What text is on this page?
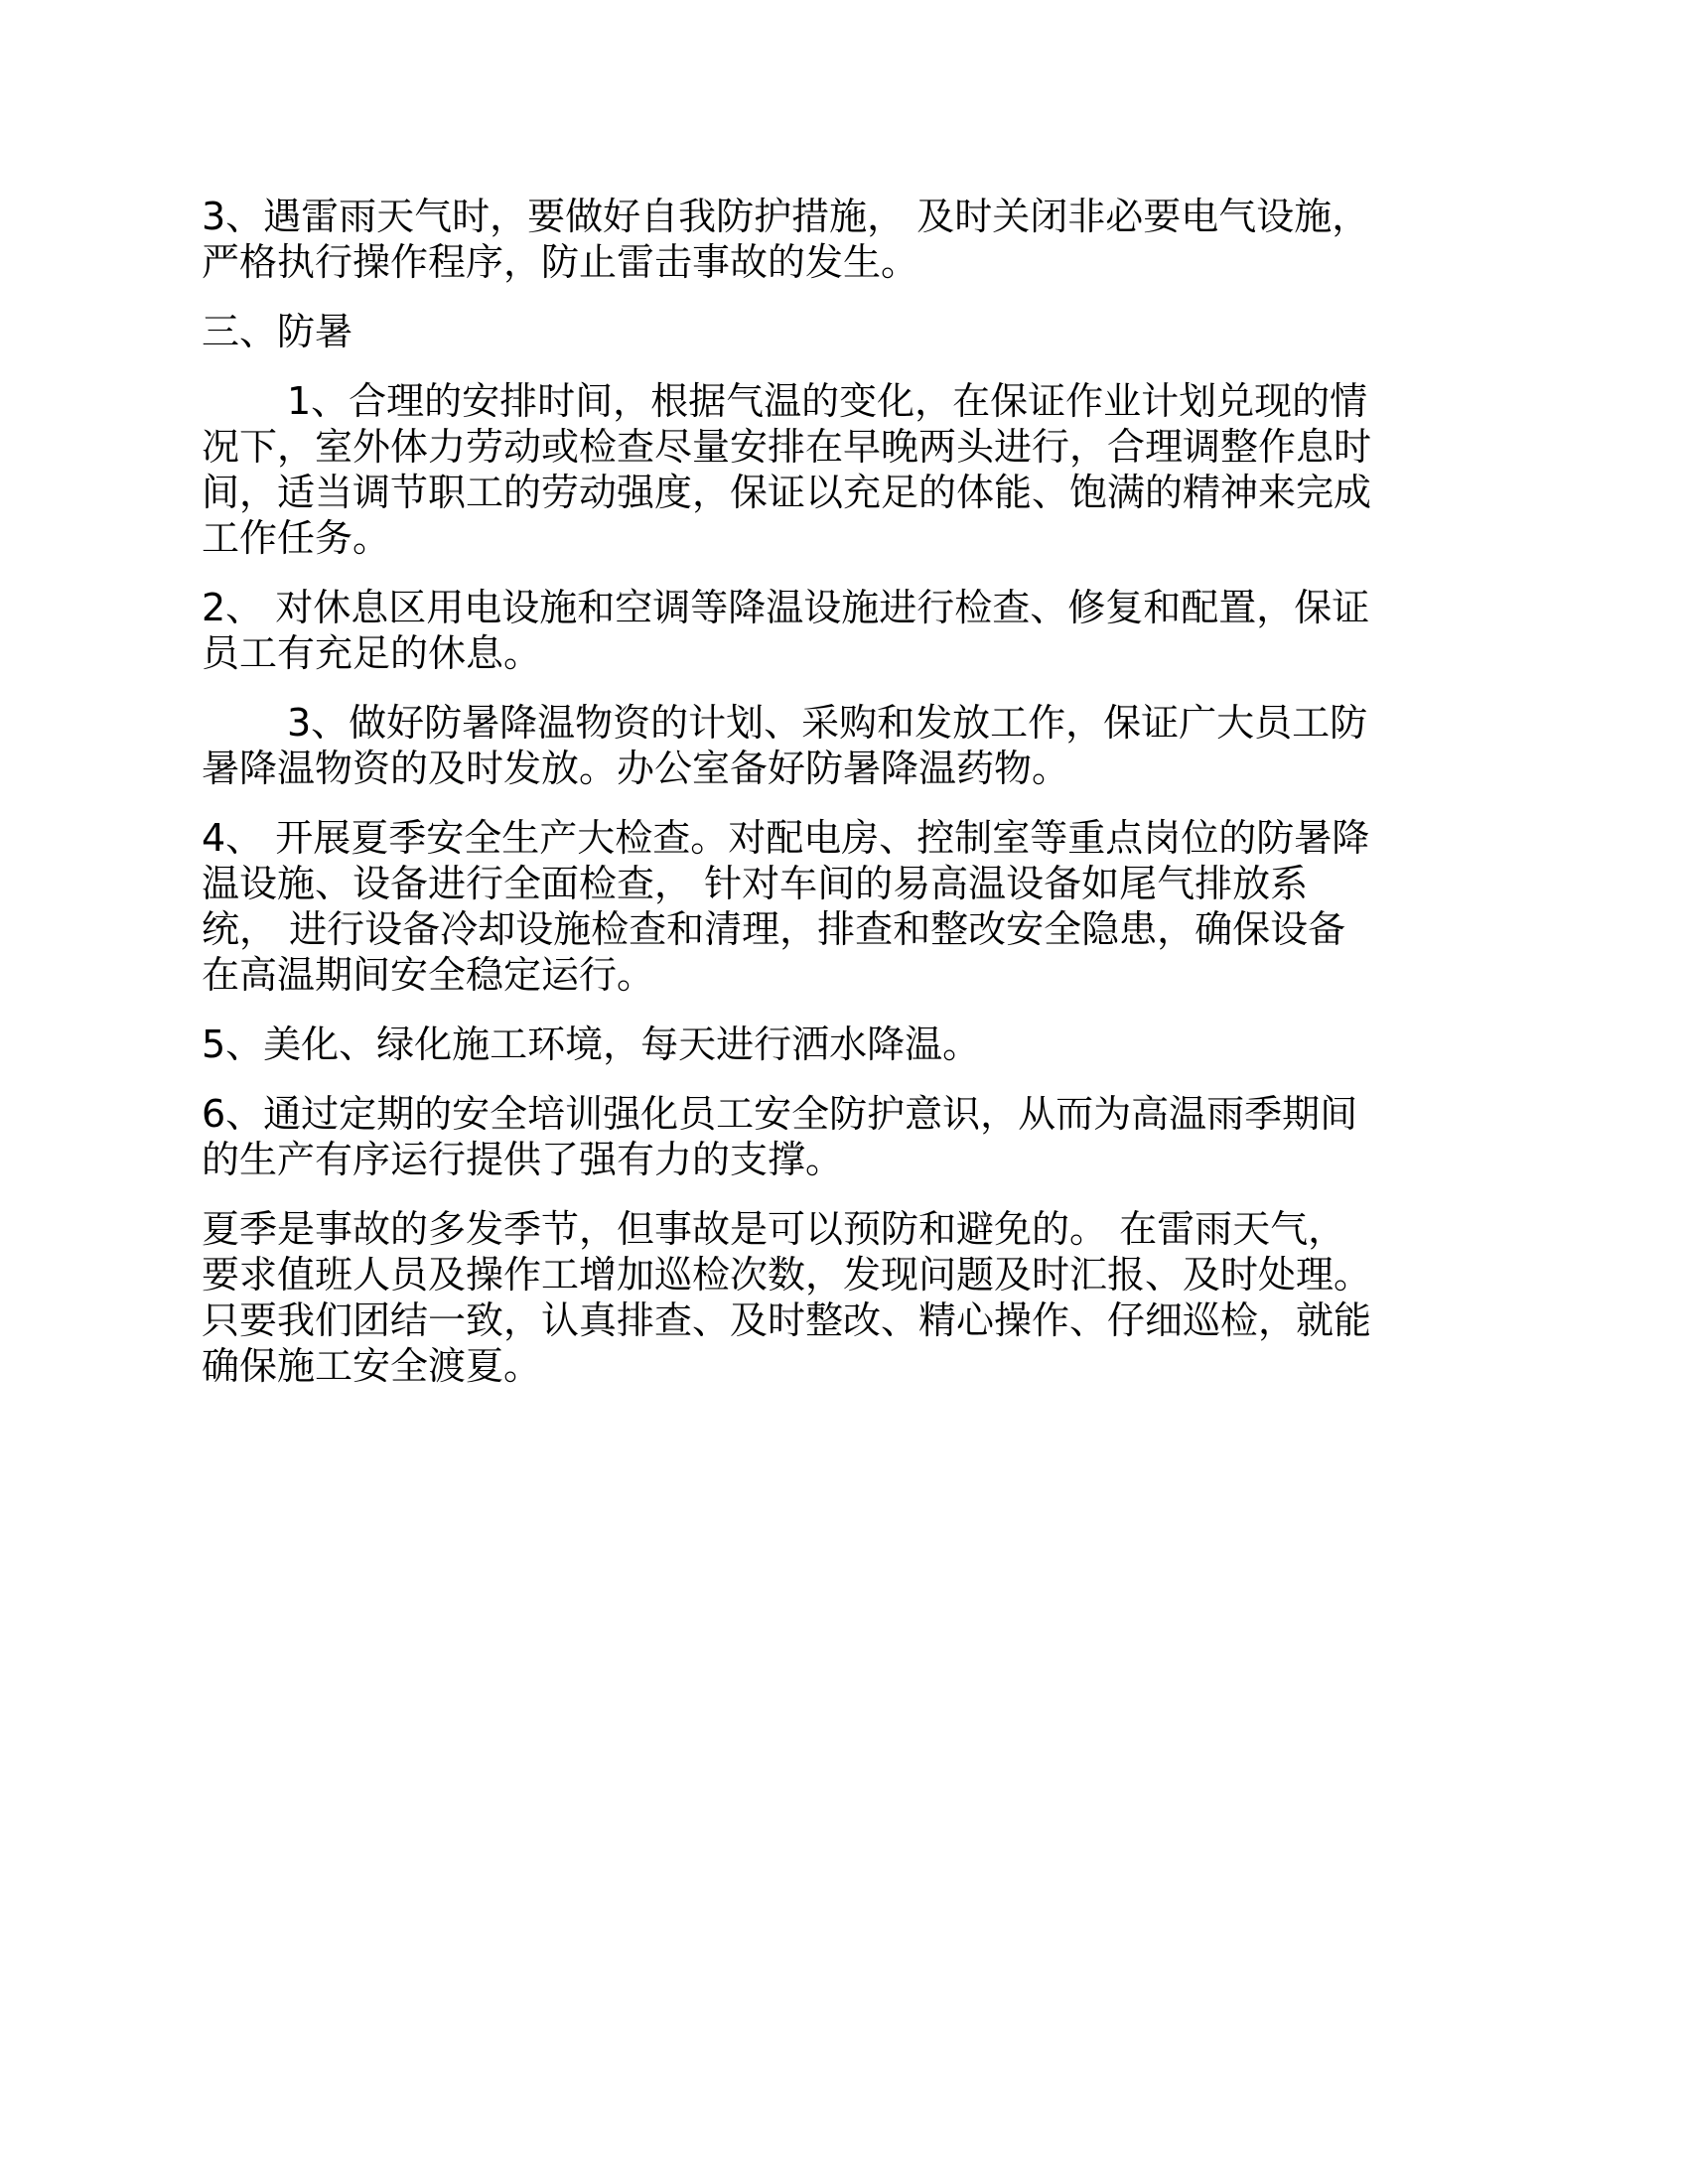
3、遇雷雨天气时，要做好自我防护措施， 及时关闭非必要电气设施，
严格执行操作程序，防止雷击事故的发生。

三、防暑

1、合理的安排时间，根据气温的变化，在保证作业计划兑现的情
况下，室外体力劳动或检查尽量安排在早晚两头进行，合理调整作息时
间，适当调节职工的劳动强度，保证以充足的体能、饱满的精神来完成
工作任务。

2、 对休息区用电设施和空调等降温设施进行检查、修复和配置，保证
员工有充足的休息。

3、做好防暑降温物资的计划、采购和发放工作，保证广大员工防
暑降温物资的及时发放。办公室备好防暑降温药物。

4、 开展夏季安全生产大检查。对配电房、控制室等重点岗位的防暑降
温设施、设备进行全面检查， 针对车间的易高温设备如尾气排放系
统， 进行设备冷却设施检查和清理，排查和整改安全隐患，确保设备
在高温期间安全稳定运行。

5、美化、绿化施工环境，每天进行洒水降温。

6、通过定期的安全培训强化员工安全防护意识，从而为高温雨季期间
的生产有序运行提供了强有力的支撑。

夏季是事故的多发季节，但事故是可以预防和避免的。 在雷雨天气，
要求值班人员及操作工增加巡检次数，发现问题及时汇报、及时处理。
只要我们团结一致，认真排查、及时整改、精心操作、仔细巡检，就能
确保施工安全渡夏。
